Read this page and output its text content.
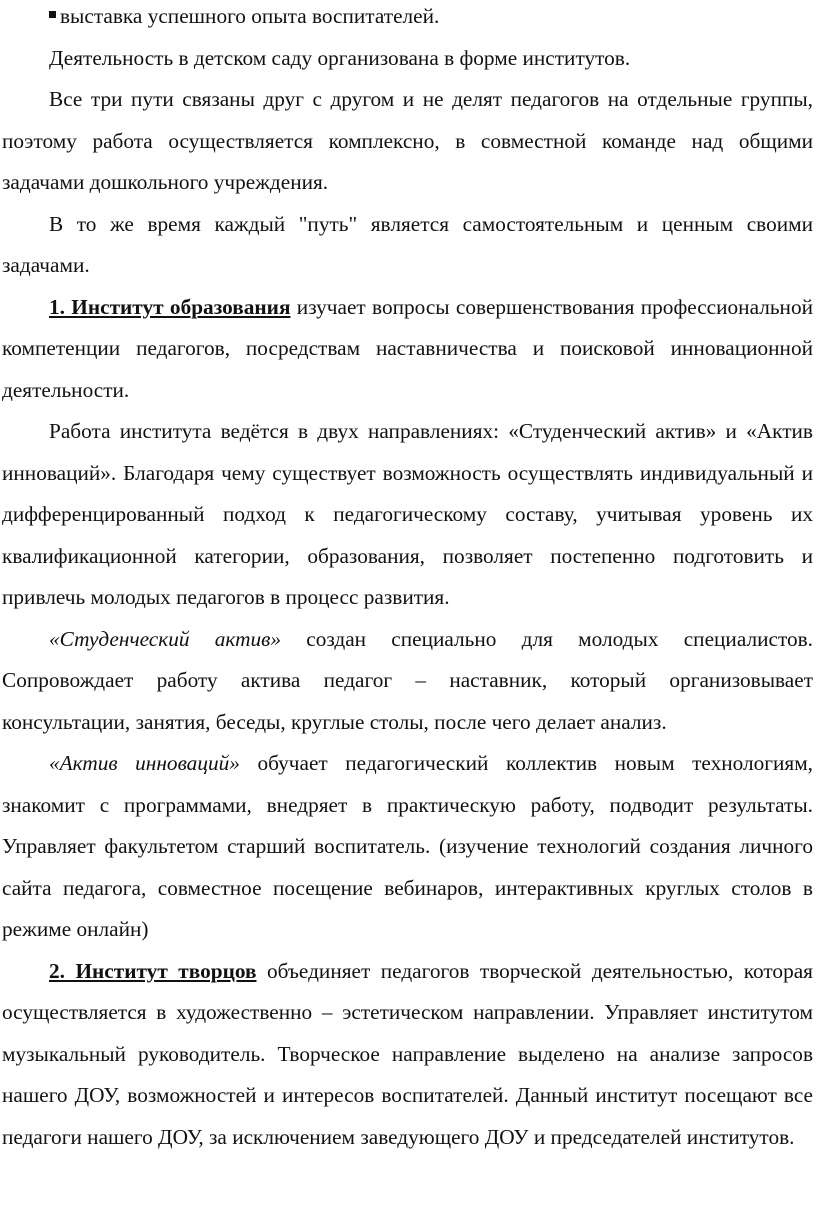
выставка успешного опыта воспитателей.

Деятельность в детском саду организована в форме институтов.

Все три пути связаны друг с другом и не делят педагогов на отдельные группы, поэтому работа осуществляется комплексно, в совместной команде над общими задачами дошкольного учреждения.

В то же время каждый "путь" является самостоятельным и ценным своими задачами.

1. Институт образования изучает вопросы совершенствования профессиональной компетенции педагогов, посредствам наставничества и поисковой инновационной деятельности.

Работа института ведётся в двух направлениях: «Студенческий актив» и «Актив инноваций». Благодаря чему существует возможность осуществлять индивидуальный и дифференцированный подход к педагогическому составу, учитывая уровень их квалификационной категории, образования, позволяет постепенно подготовить и привлечь молодых педагогов в процесс развития.

«Студенческий актив» создан специально для молодых специалистов. Сопровождает работу актива педагог – наставник, который организовывает консультации, занятия, беседы, круглые столы, после чего делает анализ.

«Актив инноваций» обучает педагогический коллектив новым технологиям, знакомит с программами, внедряет в практическую работу, подводит результаты. Управляет факультетом старший воспитатель. (изучение технологий создания личного сайта педагога, совместное посещение вебинаров, интерактивных круглых столов в режиме онлайн)

2. Институт творцов объединяет педагогов творческой деятельностью, которая осуществляется в художественно – эстетическом направлении. Управляет институтом музыкальный руководитель. Творческое направление выделено на анализе запросов нашего ДОУ, возможностей и интересов воспитателей. Данный институт посещают все педагоги нашего ДОУ, за исключением заведующего ДОУ и председателей институтов.
